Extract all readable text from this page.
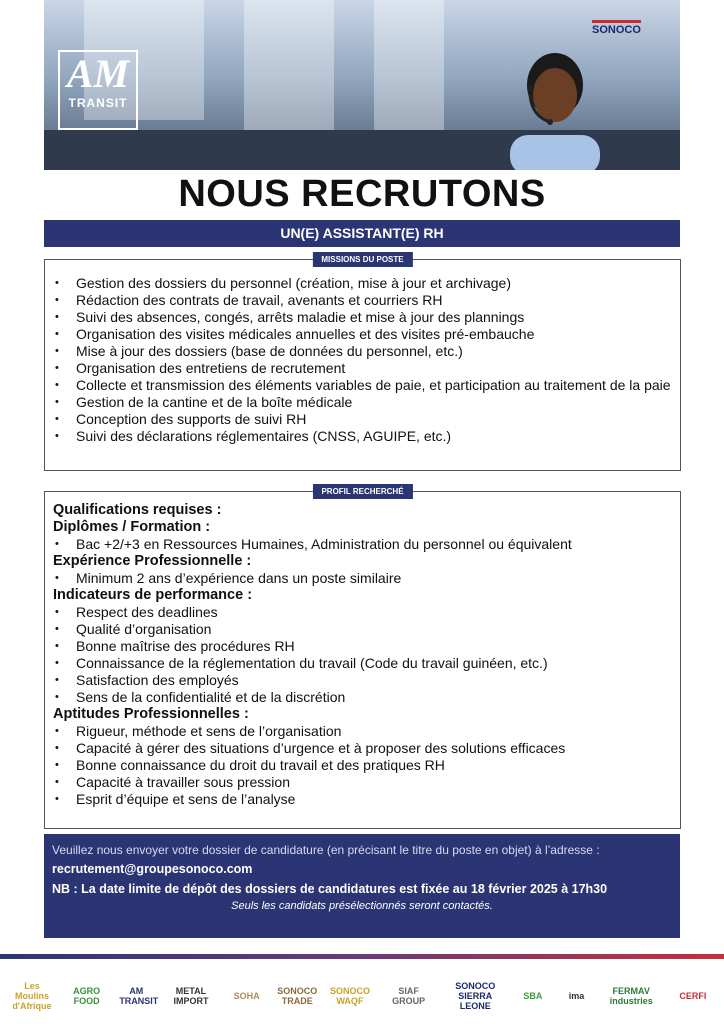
AM
TRANSIT
SONOCO
NOUS RECRUTONS
UN(E) ASSISTANT(E) RH
MISSIONS DU POSTE
• Gestion des dossiers du personnel (création, mise à jour et archivage)
• Rédaction des contrats de travail, avenants et courriers RH
• Suivi des absences, congés, arrêts maladie et mise à jour des plannings
• Organisation des visites médicales annuelles et des visites pré-embauche
• Mise à jour des dossiers (base de données du personnel, etc.)
• Organisation des entretiens de recrutement
• Collecte et transmission des éléments variables de paie, et participation au traitement de la paie
• Gestion de la cantine et de la boîte médicale
• Conception des supports de suivi RH
• Suivi des déclarations réglementaires (CNSS, AGUIPE, etc.)
PROFIL RECHERCHÉ
Qualifications requises :
Diplômes / Formation :
• Bac +2/+3 en Ressources Humaines, Administration du personnel ou équivalent
Expérience Professionnelle :
• Minimum 2 ans d’expérience dans un poste similaire
Indicateurs de performance :
• Respect des deadlines
• Qualité d’organisation
• Bonne maîtrise des procédures RH
• Connaissance de la réglementation du travail (Code du travail guinéen, etc.)
• Satisfaction des employés
• Sens de la confidentialité et de la discrétion
Aptitudes Professionnelles :
• Rigueur, méthode et sens de l’organisation
• Capacité à gérer des situations d’urgence et à proposer des solutions efficaces
• Bonne connaissance du droit du travail et des pratiques RH
• Capacité à travailler sous pression
• Esprit d’équipe et sens de l’analyse
Veuillez nous envoyer votre dossier de candidature (en précisant le titre du poste en objet) à l’adresse :
recrutement@groupesonoco.com
NB : La date limite de dépôt des dossiers de candidatures est fixée au 18 février 2025 à 17h30
Seuls les candidats présélectionnés seront contactés.
Les Moulins d'Afrique
AGRO FOOD
AM TRANSIT
METAL IMPORT	SOHA	SONOCO TRADE
SONOCO WAQF
SIAF GROUP
SONOCO SIERRA LEONE
SBA	ima	FERMAV industries	CERFI
